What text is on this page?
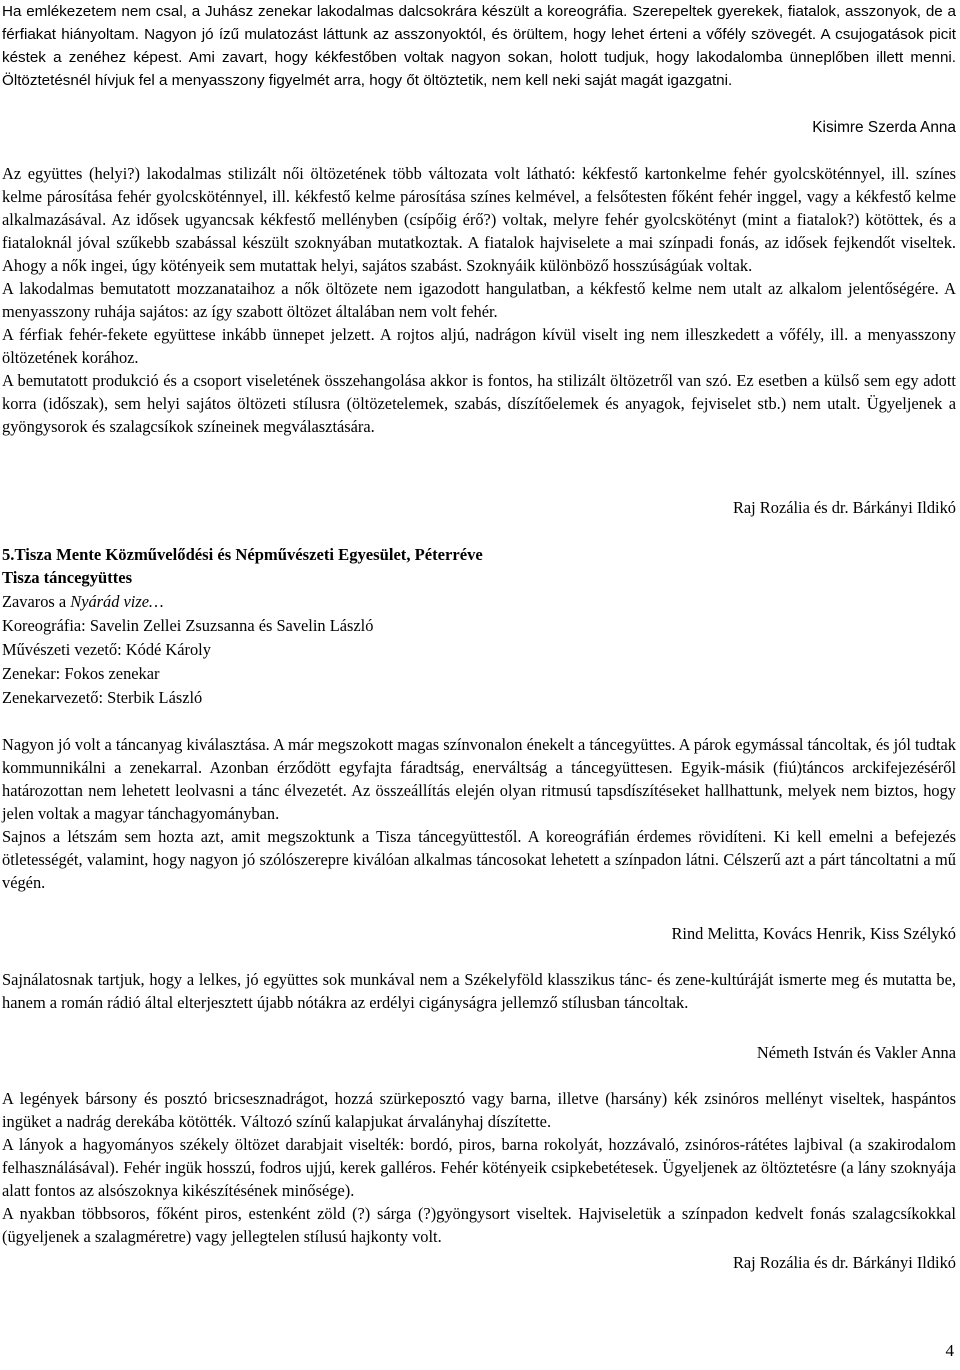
Ha emlékezetem nem csal, a Juhász zenekar lakodalmas dalcsokrára készült a koreográfia. Szerepeltek gyerekek, fiatalok, asszonyok, de a férfiakat hiányoltam. Nagyon jó ízű mulatozást láttunk az asszonyoktól, és örültem, hogy lehet érteni a vőfély szövegét. A csujogatások picit késtek a zenéhez képest. Ami zavart, hogy kékfestőben voltak nagyon sokan, holott tudjuk, hogy lakodalomba ünneplőben illett menni. Öltöztetésnél hívjuk fel a menyasszony figyelmét arra, hogy őt öltöztetik, nem kell neki saját magát igazgatni.

Kisimre Szerda Anna

Az együttes (helyi?) lakodalmas stilizált női öltözetének több változata volt látható: kékfestő kartonkelme fehér gyolcsköténnyel, ill. színes kelme párosítása fehér gyolcsköténnyel, ill. kékfestő kelme párosítása színes kelmével, a felsőtesten főként fehér inggel, vagy a kékfestő kelme alkalmazásával. Az idősek ugyancsak kékfestő mellényben (csípőig érő?) voltak, melyre fehér gyolcskötényt (mint a fiatalok?) kötöttek, és a fiataloknál jóval szűkebb szabással készült szoknyában mutatkoztak. A fiatalok hajviselete a mai színpadi fonás, az idősek fejkendőt viseltek. Ahogy a nők ingei, úgy kötényeik sem mutattak helyi, sajátos szabást. Szoknyáik különböző hosszúságúak voltak.

A lakodalmas bemutatott mozzanataihoz a nők öltözete nem igazodott hangulatban, a kékfestő kelme nem utalt az alkalom jelentőségére. A menyasszony ruhája sajátos: az így szabott öltözet általában nem volt fehér.

A férfiak fehér-fekete együttese inkább ünnepet jelzett. A rojtos aljú, nadrágon kívül viselt ing nem illeszkedett a vőfély, ill. a menyasszony öltözetének korához.

A bemutatott produkció és a csoport viseletének összehangolása akkor is fontos, ha stilizált öltözetről van szó. Ez esetben a külső sem egy adott korra (időszak), sem helyi sajátos öltözeti stílusra (öltözetelemek, szabás, díszítőelemek és anyagok, fejviselet stb.) nem utalt. Ügyeljenek a gyöngysorok és szalagcsíkok színeinek megválasztására.

Raj Rozália és dr. Bárkányi Ildikó
5.Tisza Mente Közművelődési és Népművészeti Egyesület, Péterréve
Tisza táncegyüttes
Zavaros a Nyárád vize…
Koreográfia: Savelin Zellei Zsuzsanna és Savelin László
Művészeti vezető: Kódé Károly
Zenekar: Fokos zenekar
Zenekarvezető: Sterbik László

Nagyon jó volt a táncanyag kiválasztása. A már megszokott magas színvonalon énekelt a táncegyüttes. A párok egymással táncoltak, és jól tudtak kommunnikálni a zenekarral. Azonban érződött egyfajta fáradtság, enerváltság a táncegyüttesen. Egyik-másik (fiú)táncos arckifejezéséről határozottan nem lehetett leolvasni a tánc élvezetét. Az összeállítás elején olyan ritmusú tapsdíszítéseket hallhattunk, melyek nem biztos, hogy jelen voltak a magyar tánchagyományban.

Sajnos a létszám sem hozta azt, amit megszoktunk a Tisza táncegyüttestől. A koreográfián érdemes rövidíteni. Ki kell emelni a befejezés ötletességét, valamint, hogy nagyon jó szólószerepre kiválóan alkalmas táncosokat lehetett a színpadon látni. Célszerű azt a párt táncoltatni a mű végén.

Rind Melitta, Kovács Henrik, Kiss Szélykó

Sajnálatosnak tartjuk, hogy a lelkes, jó együttes sok munkával nem a Székelyföld klasszikus tánc- és zene-kultúráját ismerte meg és mutatta be, hanem a román rádió által elterjesztett újabb nótákra az erdélyi cigányságra jellemző stílusban táncoltak.

Németh István és Vakler Anna

A legények bársony és posztó bricsesznadrágot, hozzá szürkeposztó vagy barna, illetve (harsány) kék zsinóros mellényt viseltek, haspántos ingüket a nadrág derekába kötötték. Változó színű kalapjukat árvalányhaj díszítette.

A lányok a hagyományos székely öltözet darabjait viselték: bordó, piros, barna rokolyát, hozzávaló, zsinóros-rátétes lajbival (a szakirodalom felhasználásával). Fehér ingük hosszú, fodros ujjú, kerek galléros. Fehér kötényeik csipkebetétesek. Ügyeljenek az öltöztetésre (a lány szoknyája alatt fontos az alsószoknya kikészítésének minősége).

A nyakban többsoros, főként piros, estenként zöld (?) sárga (?)gyöngysort viseltek. Hajviseletük a színpadon kedvelt fonás szalagcsíkokkal (ügyeljenek a szalagméretre) vagy jellegtelen stílusú hajkonty volt.

Raj Rozália és dr. Bárkányi Ildikó
4
